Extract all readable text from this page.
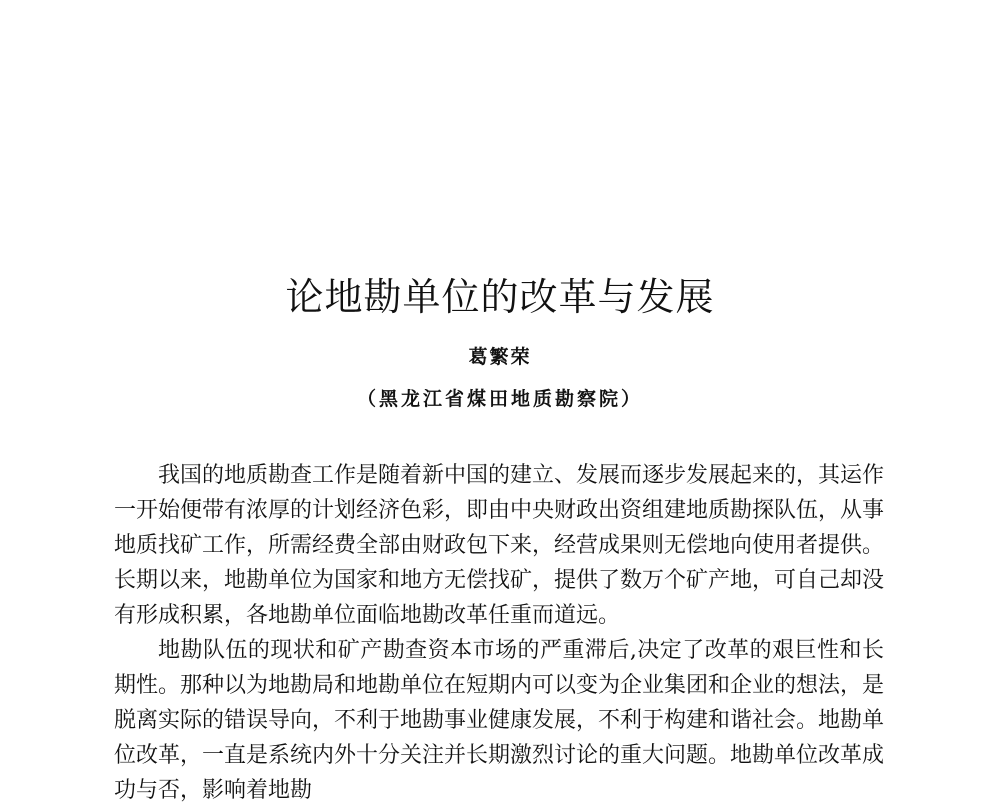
论地勘单位的改革与发展
葛繁荣
（黑龙江省煤田地质勘察院）

我国的地质勘查工作是随着新中国的建立、发展而逐步发展起来的，其运作一开始便带有浓厚的计划经济色彩，即由中央财政出资组建地质勘探队伍，从事地质找矿工作，所需经费全部由财政包下来，经营成果则无偿地向使用者提供。长期以来，地勘单位为国家和地方无偿找矿，提供了数万个矿产地，可自己却没有形成积累，各地勘单位面临地勘改革任重而道远。

地勘队伍的现状和矿产勘查资本市场的严重滞后,决定了改革的艰巨性和长期性。那种以为地勘局和地勘单位在短期内可以变为企业集团和企业的想法，是脱离实际的错误导向，不利于地勘事业健康发展，不利于构建和谐社会。地勘单位改革，一直是系统内外十分关注并长期激烈讨论的重大问题。地勘单位改革成功与否，影响着地勘
